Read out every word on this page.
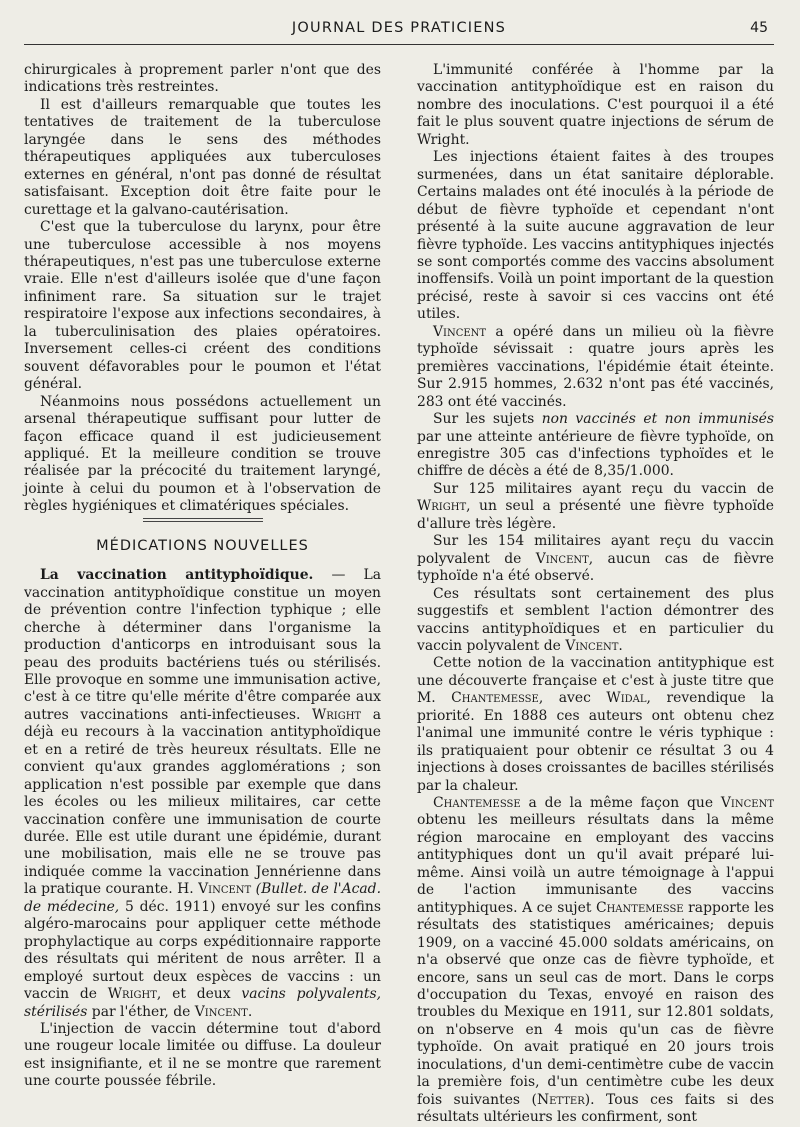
JOURNAL DES PRATICIENS	45

chirurgicales à proprement parler n'ont que des indications très restreintes.

Il est d'ailleurs remarquable que toutes les tentatives de traitement de la tuberculose laryngée dans le sens des méthodes thérapeutiques appliquées aux tuberculoses externes en général, n'ont pas donné de résultat satisfaisant. Exception doit être faite pour le curettage et la galvano-cautérisation.

C'est que la tuberculose du larynx, pour être une tuberculose accessible à nos moyens thérapeutiques, n'est pas une tuberculose externe vraie. Elle n'est d'ailleurs isolée que d'une façon infiniment rare. Sa situation sur le trajet respiratoire l'expose aux infections secondaires, à la tuberculinisation des plaies opératoires. Inversement celles-ci créent des conditions souvent défavorables pour le poumon et l'état général.

Néanmoins nous possédons actuellement un arsenal thérapeutique suffisant pour lutter de façon efficace quand il est judicieusement appliqué. Et la meilleure condition se trouve réalisée par la précocité du traitement laryngé, jointe à celui du poumon et à l'observation de règles hygiéniques et climatériques spéciales.

MÉDICATIONS NOUVELLES

La vaccination antityphoïdique. — La vaccination antityphoïdique constitue un moyen de prévention contre l'infection typhique ; elle cherche à déterminer dans l'organisme la production d'anticorps en introduisant sous la peau des produits bactériens tués ou stérilisés. Elle provoque en somme une immunisation active, c'est à ce titre qu'elle mérite d'être comparée aux autres vaccinations anti-infectieuses. Wright a déjà eu recours à la vaccination antityphoïdique et en a retiré de très heureux résultats. Elle ne convient qu'aux grandes agglomérations ; son application n'est possible par exemple que dans les écoles ou les milieux militaires, car cette vaccination confère une immunisation de courte durée. Elle est utile durant une épidémie, durant une mobilisation, mais elle ne se trouve pas indiquée comme la vaccination Jennérienne dans la pratique courante. H. Vincent (Bullet. de l'Acad. de médecine, 5 déc. 1911) envoyé sur les confins algéro-marocains pour appliquer cette méthode prophylactique au corps expéditionnaire rapporte des résultats qui méritent de nous arrêter. Il a employé surtout deux espèces de vaccins : un vaccin de Wright, et deux vacins polyvalents, stérilisés par l'éther, de Vincent.

L'injection de vaccin détermine tout d'abord une rougeur locale limitée ou diffuse. La douleur est insignifiante, et il ne se montre que rarement une courte poussée fébrile.

L'immunité conférée à l'homme par la vaccination antityphoïdique est en raison du nombre des inoculations. C'est pourquoi il a été fait le plus souvent quatre injections de sérum de Wright.

Les injections étaient faites à des troupes surmenées, dans un état sanitaire déplorable. Certains malades ont été inoculés à la période de début de fièvre typhoïde et cependant n'ont présenté à la suite aucune aggravation de leur fièvre typhoïde. Les vaccins antityphiques injectés se sont comportés comme des vaccins absolument inoffensifs. Voilà un point important de la question précisé, reste à savoir si ces vaccins ont été utiles.

Vincent a opéré dans un milieu où la fièvre typhoïde sévissait : quatre jours après les premières vaccinations, l'épidémie était éteinte. Sur 2.915 hommes, 2.632 n'ont pas été vaccinés, 283 ont été vaccinés.

Sur les sujets non vaccinés et non immunisés par une atteinte antérieure de fièvre typhoïde, on enregistre 305 cas d'infections typhoïdes et le chiffre de décès a été de 8,35/1.000.

Sur 125 militaires ayant reçu du vaccin de Wright, un seul a présenté une fièvre typhoïde d'allure très légère.

Sur les 154 militaires ayant reçu du vaccin polyvalent de Vincent, aucun cas de fièvre typhoïde n'a été observé.

Ces résultats sont certainement des plus suggestifs et semblent l'action démontrer des vaccins antityphoïdiques et en particulier du vaccin polyvalent de Vincent.

Cette notion de la vaccination antityphique est une découverte française et c'est à juste titre que M. Chantemesse, avec Widal, revendique la priorité. En 1888 ces auteurs ont obtenu chez l'animal une immunité contre le véris typhique : ils pratiquaient pour obtenir ce résultat 3 ou 4 injections à doses croissantes de bacilles stérilisés par la chaleur.

Chantemesse a de la même façon que Vincent obtenu les meilleurs résultats dans la même région marocaine en employant des vaccins antityphiques dont un qu'il avait préparé lui-même. Ainsi voilà un autre témoignage à l'appui de l'action immunisante des vaccins antityphiques. A ce sujet Chantemesse rapporte les résultats des statistiques américaines; depuis 1909, on a vacciné 45.000 soldats américains, on n'a observé que onze cas de fièvre typhoïde, et encore, sans un seul cas de mort. Dans le corps d'occupation du Texas, envoyé en raison des troubles du Mexique en 1911, sur 12.801 soldats, on n'observe en 4 mois qu'un cas de fièvre typhoïde. On avait pratiqué en 20 jours trois inoculations, d'un demi-centimètre cube de vaccin la première fois, d'un centimètre cube les deux fois suivantes (Netter). Tous ces faits si des résultats ultérieurs les confirment, sont
